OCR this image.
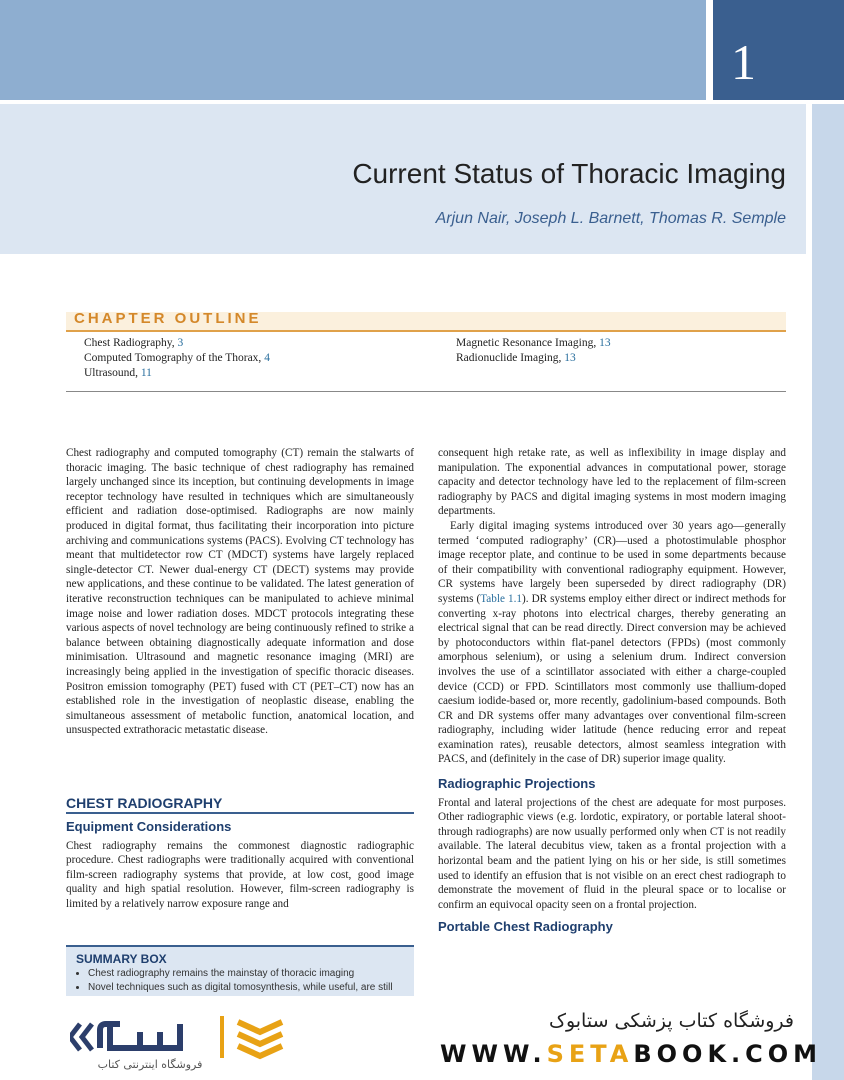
1
Current Status of Thoracic Imaging
Arjun Nair, Joseph L. Barnett, Thomas R. Semple
CHAPTER OUTLINE
Chest Radiography, 3
Computed Tomography of the Thorax, 4
Ultrasound, 11
Magnetic Resonance Imaging, 13
Radionuclide Imaging, 13

Chest radiography and computed tomography (CT) remain the stalwarts of thoracic imaging. The basic technique of chest radiography has remained largely unchanged since its inception, but continuing developments in image receptor technology have resulted in techniques which are simultaneously efficient and radiation dose-optimised. Radiographs are now mainly produced in digital format, thus facilitating their incorporation into picture archiving and communications systems (PACS). Evolving CT technology has meant that multidetector row CT (MDCT) systems have largely replaced single-detector CT. Newer dual-energy CT (DECT) systems may provide new applications, and these continue to be validated. The latest generation of iterative reconstruction techniques can be manipulated to achieve minimal image noise and lower radiation doses. MDCT protocols integrating these various aspects of novel technology are being continuously refined to strike a balance between obtaining diagnostically adequate information and dose minimisation. Ultrasound and magnetic resonance imaging (MRI) are increasingly being applied in the investigation of specific thoracic diseases. Positron emission tomography (PET) fused with CT (PET–CT) now has an established role in the investigation of neoplastic disease, enabling the simultaneous assessment of metabolic function, anatomical location, and unsuspected extrathoracic metastatic disease.

CHEST RADIOGRAPHY
Equipment Considerations

Chest radiography remains the commonest diagnostic radiographic procedure. Chest radiographs were traditionally acquired with conventional film-screen radiography systems that provide, at low cost, good image quality and high spatial resolution. However, film-screen radiography is limited by a relatively narrow exposure range and

SUMMARY BOX
• Chest radiography remains the mainstay of thoracic imaging
• Novel techniques such as digital tomosynthesis, while useful, are still

consequent high retake rate, as well as inflexibility in image display and manipulation. The exponential advances in computational power, storage capacity and detector technology have led to the replacement of film-screen radiography by PACS and digital imaging systems in most modern imaging departments.

Early digital imaging systems introduced over 30 years ago—generally termed ‘computed radiography’ (CR)—used a photostimulable phosphor image receptor plate, and continue to be used in some departments because of their compatibility with conventional radiography equipment. However, CR systems have largely been superseded by direct radiography (DR) systems (Table 1.1). DR systems employ either direct or indirect methods for converting x-ray photons into electrical charges, thereby generating an electrical signal that can be read directly. Direct conversion may be achieved by photoconductors within flat-panel detectors (FPDs) (most commonly amorphous selenium), or using a selenium drum. Indirect conversion involves the use of a scintillator associated with either a charge-coupled device (CCD) or FPD. Scintillators most commonly use thallium-doped caesium iodide-based or, more recently, gadolinium-based compounds. Both CR and DR systems offer many advantages over conventional film-screen radiography, including wider latitude (hence reducing error and repeat examination rates), reusable detectors, almost seamless integration with PACS, and (definitely in the case of DR) superior image quality.

Radiographic Projections

Frontal and lateral projections of the chest are adequate for most purposes. Other radiographic views (e.g. lordotic, expiratory, or portable lateral shoot-through radiographs) are now usually performed only when CT is not readily available. The lateral decubitus view, taken as a frontal projection with a horizontal beam and the patient lying on his or her side, is still sometimes used to identify an effusion that is not visible on an erect chest radiograph to demonstrate the movement of fluid in the pleural space or to localise or confirm an equivocal opacity seen on a frontal projection.

Portable Chest Radiography
فروشگاه اینترنتی کتاب
فروشگاه کتاب پزشکی ستابوک
WWW.SETABOOK.COM
